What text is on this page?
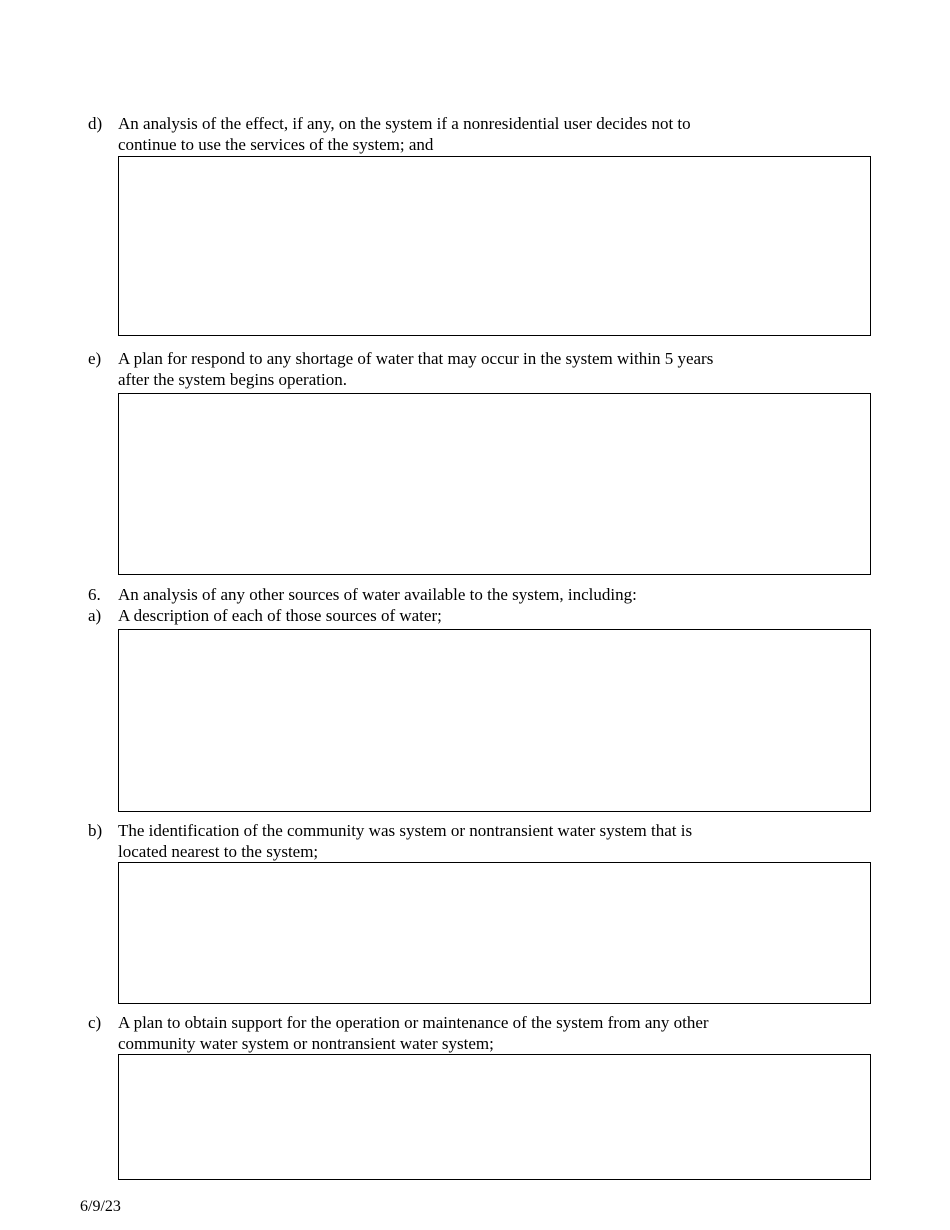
d) An analysis of the effect, if any, on the system if a nonresidential user decides not to
continue to use the services of the system; and
e) A plan for respond to any shortage of water that may occur in the system within 5 years
after the system begins operation.
6. An analysis of any other sources of water available to the system, including:
a) A description of each of those sources of water;
b) The identification of the community was system or nontransient water system that is
located nearest to the system;
c) A plan to obtain support for the operation or maintenance of the system from any other
community water system or nontransient water system;
6/9/23
